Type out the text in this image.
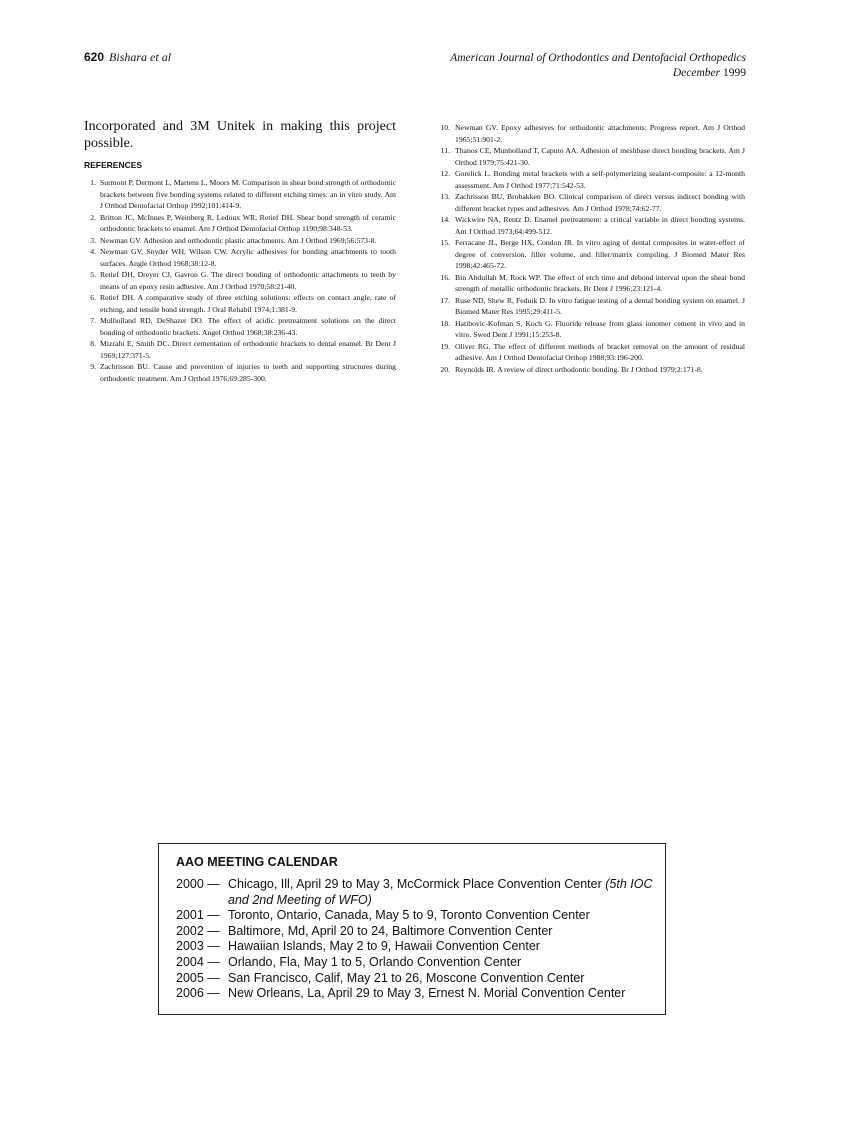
620 Bishara et al	American Journal of Orthodontics and Dentofacial Orthopedics
December 1999

Incorporated and 3M Unitek in making this project possible.

REFERENCES
1. Surmont P, Dermont L, Martens L, Moors M. Comparison in shear bond strength of orthodontic brackets between five bonding systems related to different etching times: an in vitro study. Am J Orthod Dentofacial Orthop 1992;101:414-9.
2. Britton JC, McInnes P, Weinberg R, Ledoux WR, Retief DH. Shear bond strength of ceramic orthodontic brackets to enamel. Am J Orthod Dentofacial Orthop 1190;98:348-53.
3. Newman GV. Adhesion and orthodontic plastic attachments. Am J Orthod 1969;56:573-8.
4. Newman GV, Snyder WH, Wilson CW. Acrylic adhesives for bonding attachments to tooth surfaces. Angle Orthod 1968;38:12-8.
5. Retief DH, Dreyer CJ, Gavron G. The direct bonding of orthodontic attachments to teeth by means of an epoxy resin adhesive. Am J Orthod 1970;58:21-40.
6. Retief DH. A comparative study of three etching solutions: effects on contact angle, rate of etching, and tensile bond strength. J Oral Rehabil 1974;1:381-9.
7. Mulholland RD, DeShazer DO. The effect of acidic pretreatment solutions on the direct bonding of orthodontic brackets. Angel Orthod 1968;38:236-43.
8. Mizrahi E, Smith DC. Direct cementation of orthodontic brackets to dental enamel. Br Dent J 1969;127:371-5.
9. Zachrisson BU. Cause and prevention of injuries to teeth and supporting structures during orthodontic treatment. Am J Orthod 1976;69:285-300.
10. Newman GV. Epoxy adhesives for orthodontic attachments: Progress report. Am J Orthod 1965;51:901-2.
11. Thanos CE, Munholland T, Caputo AA. Adhesion of meshbase direct bonding brackets. Am J Orthod 1979;75:421-30.
12. Gorelick L. Bonding metal brackets with a self-polymerizing sealant-composite: a 12-month assessment. Am J Orthod 1977;71:542-53.
13. Zachrisson BU, Brobakken BO. Clinical comparison of direct versus indirect bonding with different bracket types and adhesives. Am J Orthod 1978;74:62-77.
14. Wickwire NA, Rentz D. Enamel pretreatment: a critical variable in direct bonding systems. Am J Orthod 1973;64:499-512.
15. Ferracane JL, Berge HX, Condon JR. In vitro aging of dental composites in water-effect of degree of conversion, filler volume, and filler/matrix compiling. J Biomed Mater Res 1998;42:465-72.
16. Bin Abdullah M, Rock WP. The effect of etch time and debond interval upon the shear bond strength of metallic orthodontic brackets. Br Dent J 1996;23:121-4.
17. Ruse ND, Shew R, Feduik D. In vitro fatigue testing of a dental bonding system on enamel. J Biomed Mater Res 1995;29:411-5.
18. Hatibovic-Kofman S, Koch G. Fluoride release from glass ionomer cement in vivo and in vitro. Swed Dent J 1991;15:253-8.
19. Oliver RG. The effect of different methods of bracket removal on the amount of residual adhesive. Am J Orthod Dentofacial Orthop 1988;93:196-200.
20. Reynolds IR. A review of direct orthodontic bonding. Br J Orthod 1979;2:171-8.
AAO MEETING CALENDAR
2000 — Chicago, Ill, April 29 to May 3, McCormick Place Convention Center (5th IOC and 2nd Meeting of WFO)
2001 — Toronto, Ontario, Canada, May 5 to 9, Toronto Convention Center
2002 — Baltimore, Md, April 20 to 24, Baltimore Convention Center
2003 — Hawaiian Islands, May 2 to 9, Hawaii Convention Center
2004 — Orlando, Fla, May 1 to 5, Orlando Convention Center
2005 — San Francisco, Calif, May 21 to 26, Moscone Convention Center
2006 — New Orleans, La, April 29 to May 3, Ernest N. Morial Convention Center
